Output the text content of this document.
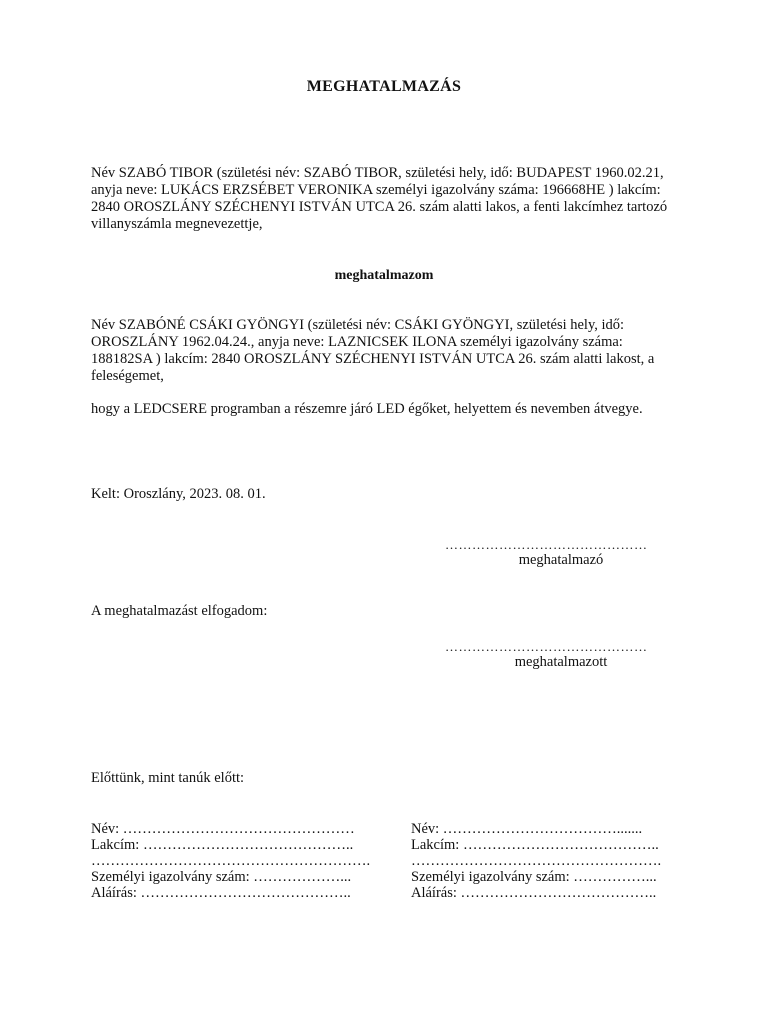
MEGHATALMAZÁS
Név SZABÓ TIBOR (születési név: SZABÓ TIBOR, születési hely, idő: BUDAPEST 1960.02.21, anyja neve: LUKÁCS ERZSÉBET VERONIKA személyi igazolvány száma: 196668HE ) lakcím: 2840 OROSZLÁNY SZÉCHENYI ISTVÁN UTCA 26. szám alatti lakos, a fenti lakcímhez tartozó villanyszámla megnevezettje,
meghatalmazom
Név SZABÓNÉ CSÁKI GYÖNGYI (születési név: CSÁKI GYÖNGYI, születési hely, idő: OROSZLÁNY 1962.04.24., anyja neve: LAZNICSEK ILONA személyi igazolvány száma: 188182SA ) lakcím: 2840 OROSZLÁNY SZÉCHENYI ISTVÁN UTCA 26. szám alatti lakost, a feleségemet,
hogy a LEDCSERE programban a részemre járó LED égőket, helyettem és nevemben átvegye.
Kelt: Oroszlány, 2023. 08. 01.
………………………………………
meghatalmazó
A meghatalmazást elfogadom:
………………………………………
meghatalmazott
Előttünk, mint tanúk előtt:
Név: …………………………………………
Lakcím: ……………………………………..
………………………………………………….
Személyi igazolvány szám: ………………...
Aláírás: ……………………………………..
Név: ……………………………….......
Lakcím: …………………………………..
…………………………………………….
Személyi igazolvány szám: ……………...
Aláírás: …………………………………..
